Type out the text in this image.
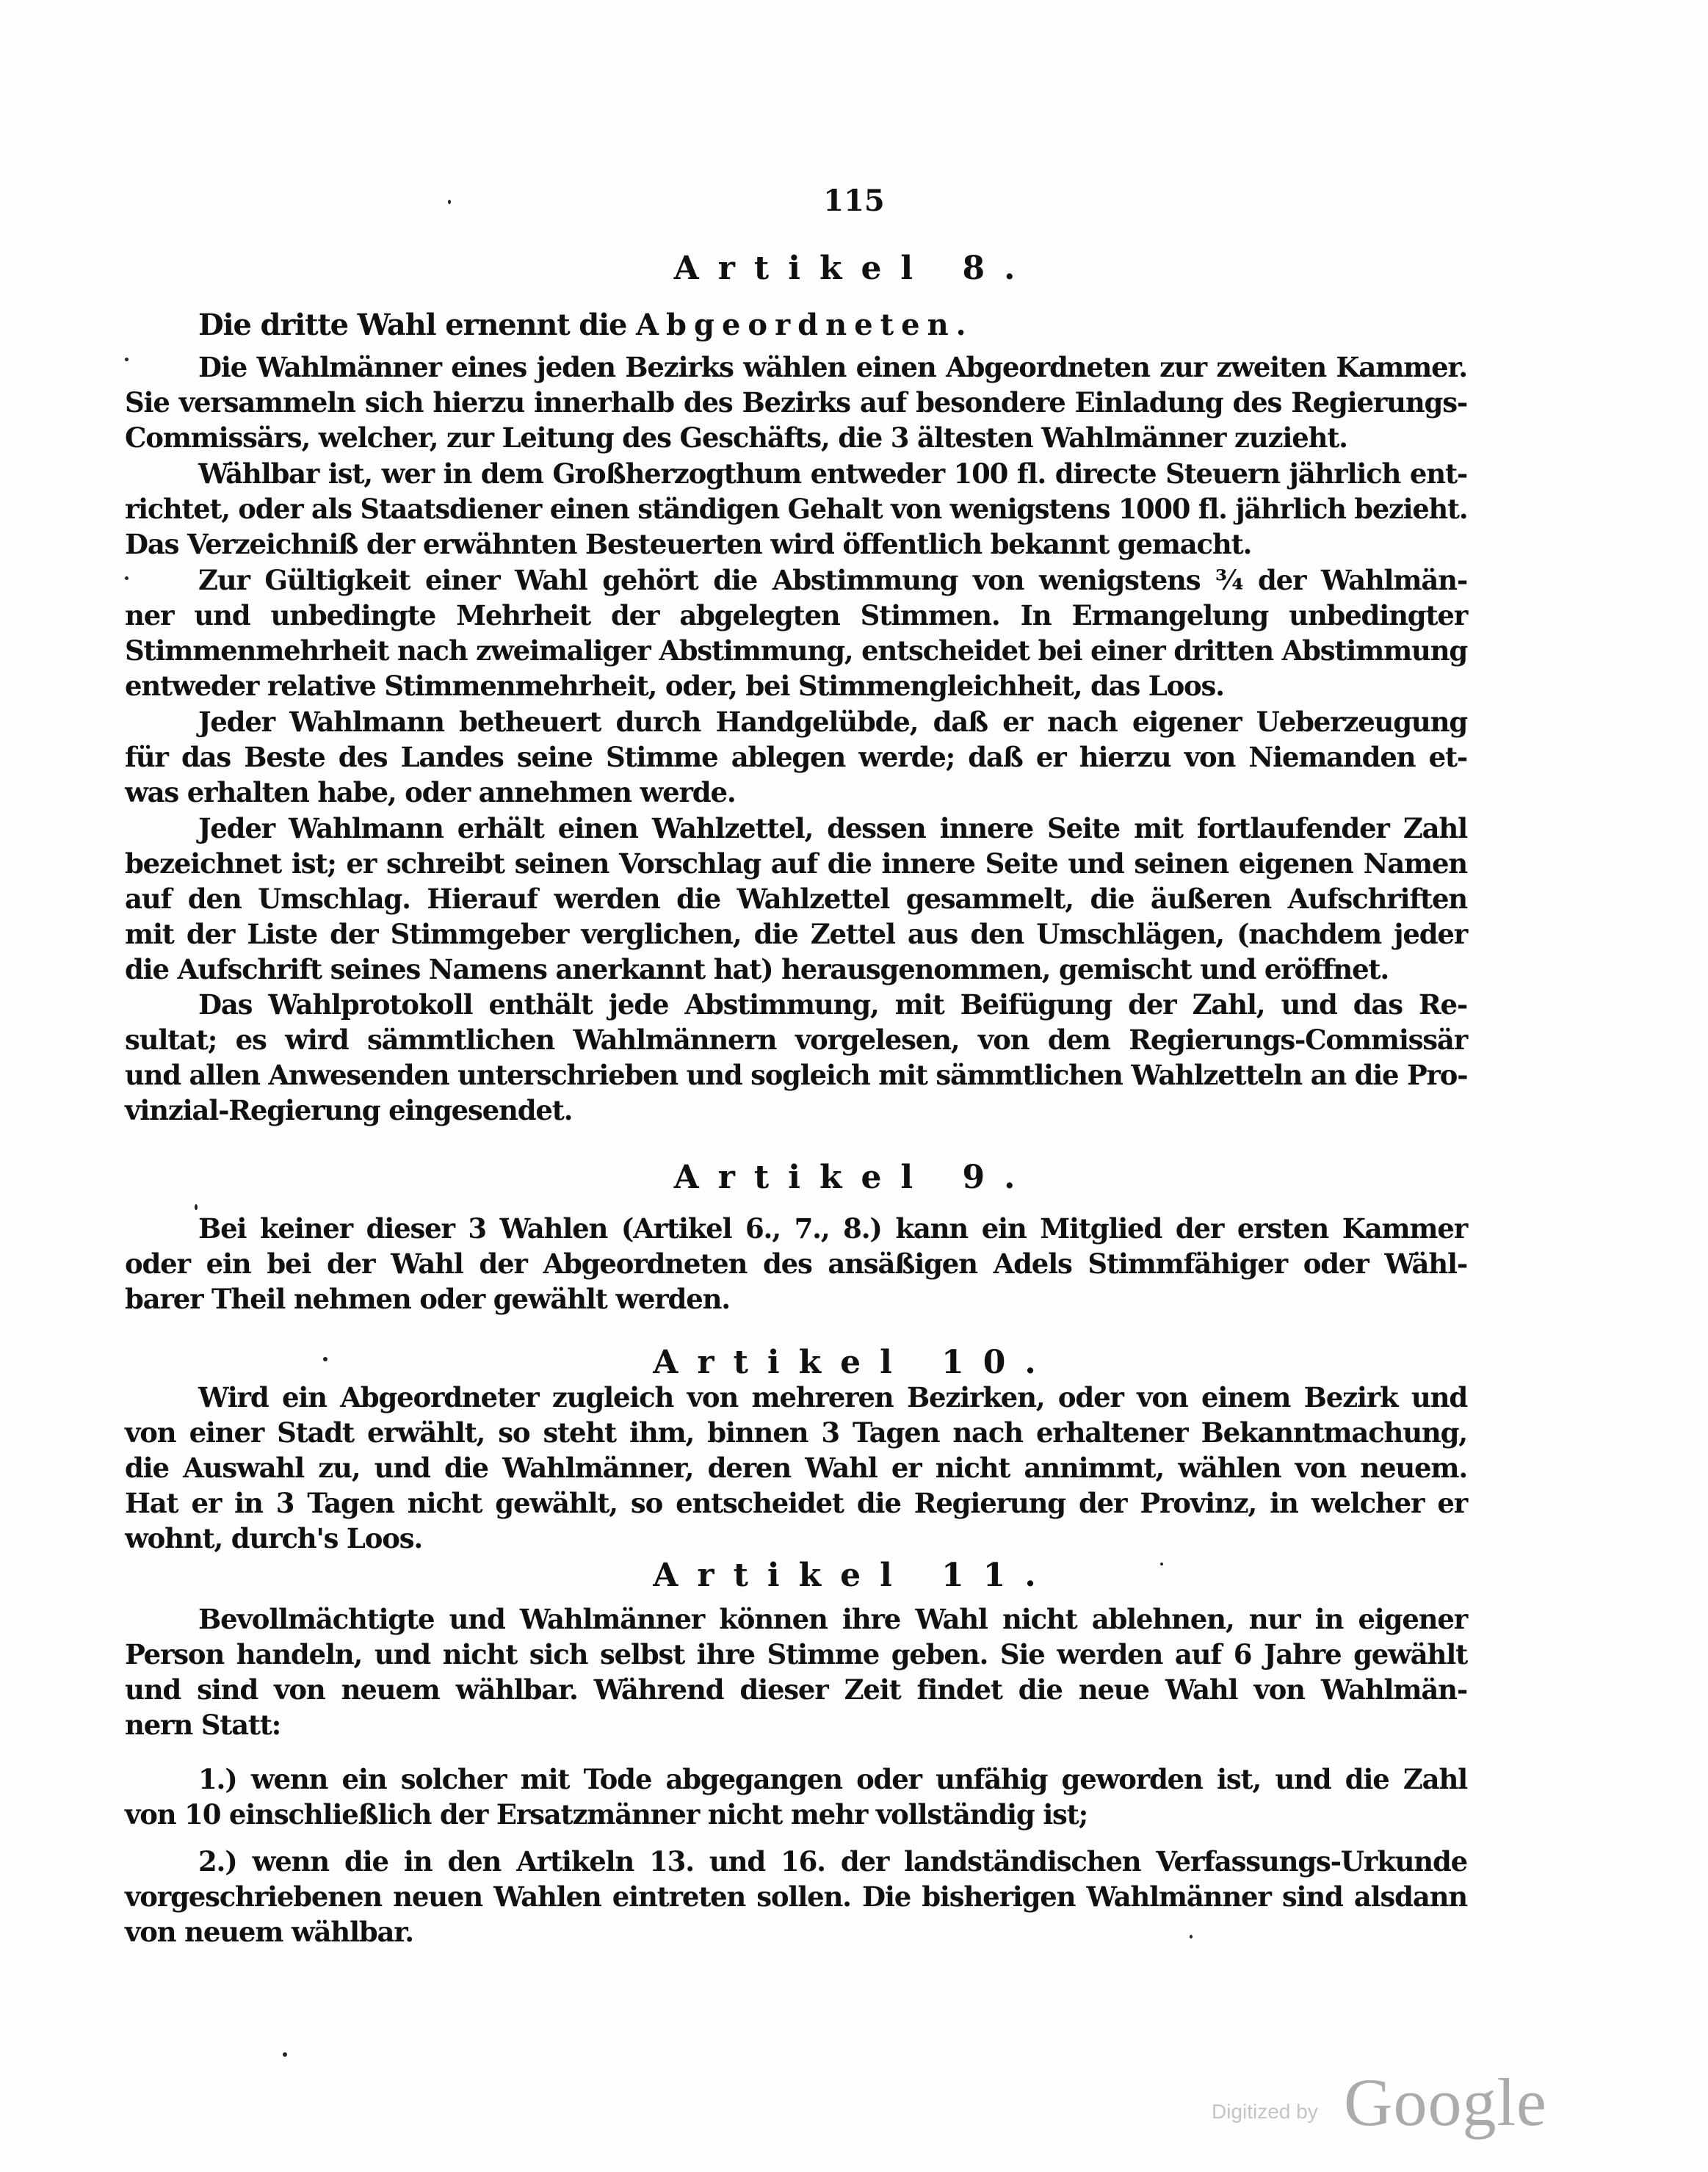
115
Artikel 8.
Die dritte Wahl ernennt die Abgeordneten.
Die Wahlmänner eines jeden Bezirks wählen einen Abgeordneten zur zweiten Kammer.
Sie versammeln sich hierzu innerhalb des Bezirks auf besondere Einladung des Regierungs-
Commissärs, welcher, zur Leitung des Geschäfts, die 3 ältesten Wahlmänner zuzieht.
Wählbar ist, wer in dem Großherzogthum entweder 100 fl. directe Steuern jährlich ent-
richtet, oder als Staatsdiener einen ständigen Gehalt von wenigstens 1000 fl. jährlich bezieht.
Das Verzeichniß der erwähnten Besteuerten wird öffentlich bekannt gemacht.
Zur Gültigkeit einer Wahl gehört die Abstimmung von wenigstens ¾ der Wahlmän-
ner und unbedingte Mehrheit der abgelegten Stimmen. In Ermangelung unbedingter
Stimmenmehrheit nach zweimaliger Abstimmung, entscheidet bei einer dritten Abstimmung
entweder relative Stimmenmehrheit, oder, bei Stimmengleichheit, das Loos.
Jeder Wahlmann betheuert durch Handgelübde, daß er nach eigener Ueberzeugung
für das Beste des Landes seine Stimme ablegen werde; daß er hierzu von Niemanden et-
was erhalten habe, oder annehmen werde.
Jeder Wahlmann erhält einen Wahlzettel, dessen innere Seite mit fortlaufender Zahl
bezeichnet ist; er schreibt seinen Vorschlag auf die innere Seite und seinen eigenen Namen
auf den Umschlag. Hierauf werden die Wahlzettel gesammelt, die äußeren Aufschriften
mit der Liste der Stimmgeber verglichen, die Zettel aus den Umschlägen, (nachdem jeder
die Aufschrift seines Namens anerkannt hat) herausgenommen, gemischt und eröffnet.
Das Wahlprotokoll enthält jede Abstimmung, mit Beifügung der Zahl, und das Re-
sultat; es wird sämmtlichen Wahlmännern vorgelesen, von dem Regierungs-Commissär
und allen Anwesenden unterschrieben und sogleich mit sämmtlichen Wahlzetteln an die Pro-
vinzial-Regierung eingesendet.
Artikel 9.
Bei keiner dieser 3 Wahlen (Artikel 6., 7., 8.) kann ein Mitglied der ersten Kammer
oder ein bei der Wahl der Abgeordneten des ansäßigen Adels Stimmfähiger oder Wähl-
barer Theil nehmen oder gewählt werden.
Artikel 10.
Wird ein Abgeordneter zugleich von mehreren Bezirken, oder von einem Bezirk und
von einer Stadt erwählt, so steht ihm, binnen 3 Tagen nach erhaltener Bekanntmachung,
die Auswahl zu, und die Wahlmänner, deren Wahl er nicht annimmt, wählen von neuem.
Hat er in 3 Tagen nicht gewählt, so entscheidet die Regierung der Provinz, in welcher er
wohnt, durch's Loos.
Artikel 11.
Bevollmächtigte und Wahlmänner können ihre Wahl nicht ablehnen, nur in eigener
Person handeln, und nicht sich selbst ihre Stimme geben. Sie werden auf 6 Jahre gewählt
und sind von neuem wählbar. Während dieser Zeit findet die neue Wahl von Wahlmän-
nern Statt:
1.) wenn ein solcher mit Tode abgegangen oder unfähig geworden ist, und die Zahl
von 10 einschließlich der Ersatzmänner nicht mehr vollständig ist;
2.) wenn die in den Artikeln 13. und 16. der landständischen Verfassungs-Urkunde
vorgeschriebenen neuen Wahlen eintreten sollen. Die bisherigen Wahlmänner sind alsdann
von neuem wählbar.
Digitized by Google
